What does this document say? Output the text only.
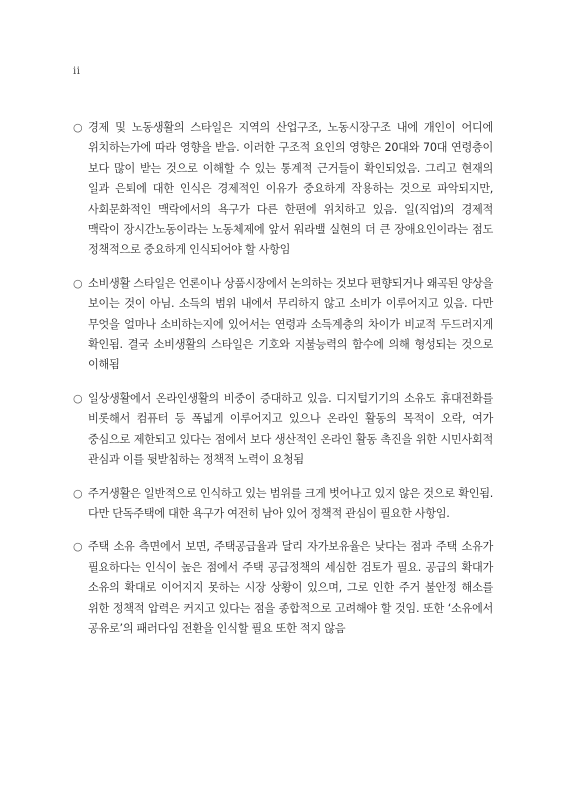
ii
○ 경제 및 노동생활의 스타일은 지역의 산업구조, 노동시장구조 내에 개인이 어디에 위치하는가에 따라 영향을 받음. 이러한 구조적 요인의 영향은 20대와 70대 연령층이 보다 많이 받는 것으로 이해할 수 있는 통계적 근거들이 확인되었음. 그리고 현재의 일과 은퇴에 대한 인식은 경제적인 이유가 중요하게 작용하는 것으로 파악되지만, 사회문화적인 맥락에서의 욕구가 다른 한편에 위치하고 있음. 일(직업)의 경제적 맥락이 장시간노동이라는 노동체제에 앞서 워라밸 실현의 더 큰 장애요인이라는 점도 정책적으로 중요하게 인식되어야 할 사항임
○ 소비생활 스타일은 언론이나 상품시장에서 논의하는 것보다 편향되거나 왜곡된 양상을 보이는 것이 아님. 소득의 범위 내에서 무리하지 않고 소비가 이루어지고 있음. 다만 무엇을 얼마나 소비하는지에 있어서는 연령과 소득계층의 차이가 비교적 두드러지게 확인됨. 결국 소비생활의 스타일은 기호와 지불능력의 함수에 의해 형성되는 것으로 이해됨
○ 일상생활에서 온라인생활의 비중이 증대하고 있음. 디지털기기의 소유도 휴대전화를 비롯해서 컴퓨터 등 폭넓게 이루어지고 있으나 온라인 활동의 목적이 오락, 여가 중심으로 제한되고 있다는 점에서 보다 생산적인 온라인 활동 촉진을 위한 시민사회적 관심과 이를 뒷받침하는 정책적 노력이 요청됨
○ 주거생활은 일반적으로 인식하고 있는 범위를 크게 벗어나고 있지 않은 것으로 확인됨. 다만 단독주택에 대한 욕구가 여전히 남아 있어 정책적 관심이 필요한 사항임.
○ 주택 소유 측면에서 보면, 주택공급율과 달리 자가보유율은 낮다는 점과 주택 소유가 필요하다는 인식이 높은 점에서 주택 공급정책의 세심한 검토가 필요. 공급의 확대가 소유의 확대로 이어지지 못하는 시장 상황이 있으며, 그로 인한 주거 불안정 해소를 위한 정책적 압력은 커지고 있다는 점을 종합적으로 고려해야 할 것임. 또한 ‘소유에서 공유로’의 패러다임 전환을 인식할 필요 또한 적지 않음
